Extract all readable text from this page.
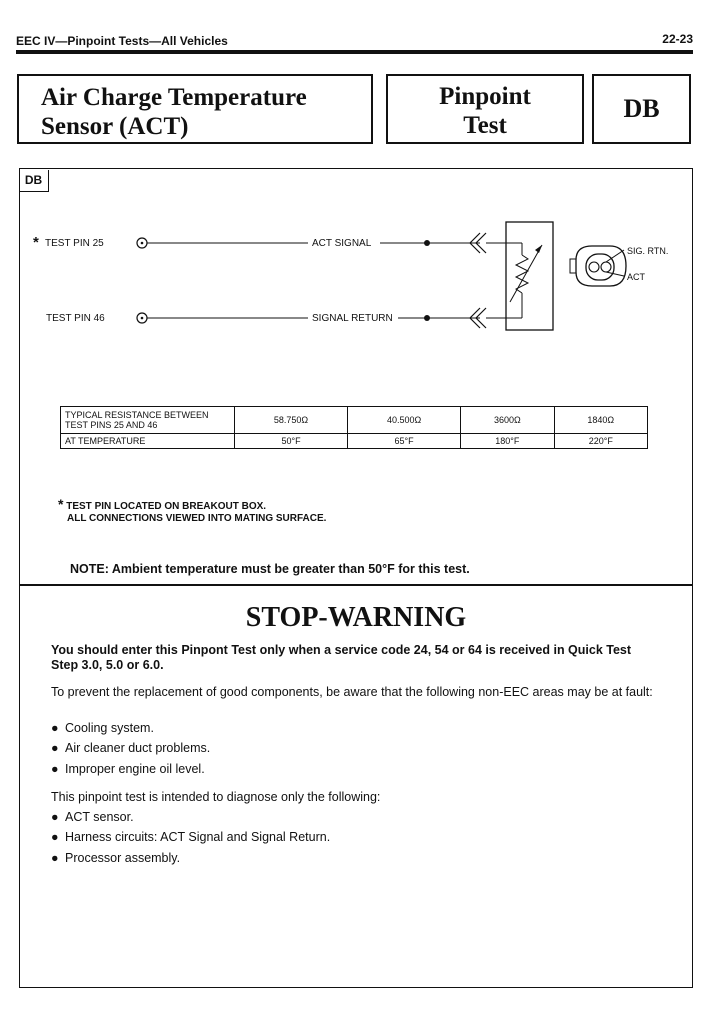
EEC IV—Pinpoint Tests—All Vehicles	22-23
Air Charge Temperature
Sensor (ACT)
Pinpoint
Test
DB
DB
* TEST PIN 25
TEST PIN 46
ACT SIGNAL
SIGNAL RETURN
SIG. RTN.
ACT
TYPICAL RESISTANCE BETWEEN TEST PINS 25 AND 46	58.750Ω	40.500Ω	3600Ω	1840Ω
AT TEMPERATURE	50°F	65°F	180°F	220°F
* TEST PIN LOCATED ON BREAKOUT BOX.
ALL CONNECTIONS VIEWED INTO MATING SURFACE.
NOTE: Ambient temperature must be greater than 50°F for this test.
STOP-WARNING
You should enter this Pinpont Test only when a service code 24, 54 or 64 is received in Quick Test Step 3.0, 5.0 or 6.0.
To prevent the replacement of good components, be aware that the following non-EEC areas may be at fault:
● Cooling system.
● Air cleaner duct problems.
● Improper engine oil level.
This pinpoint test is intended to diagnose only the following:
● ACT sensor.
● Harness circuits: ACT Signal and Signal Return.
● Processor assembly.
